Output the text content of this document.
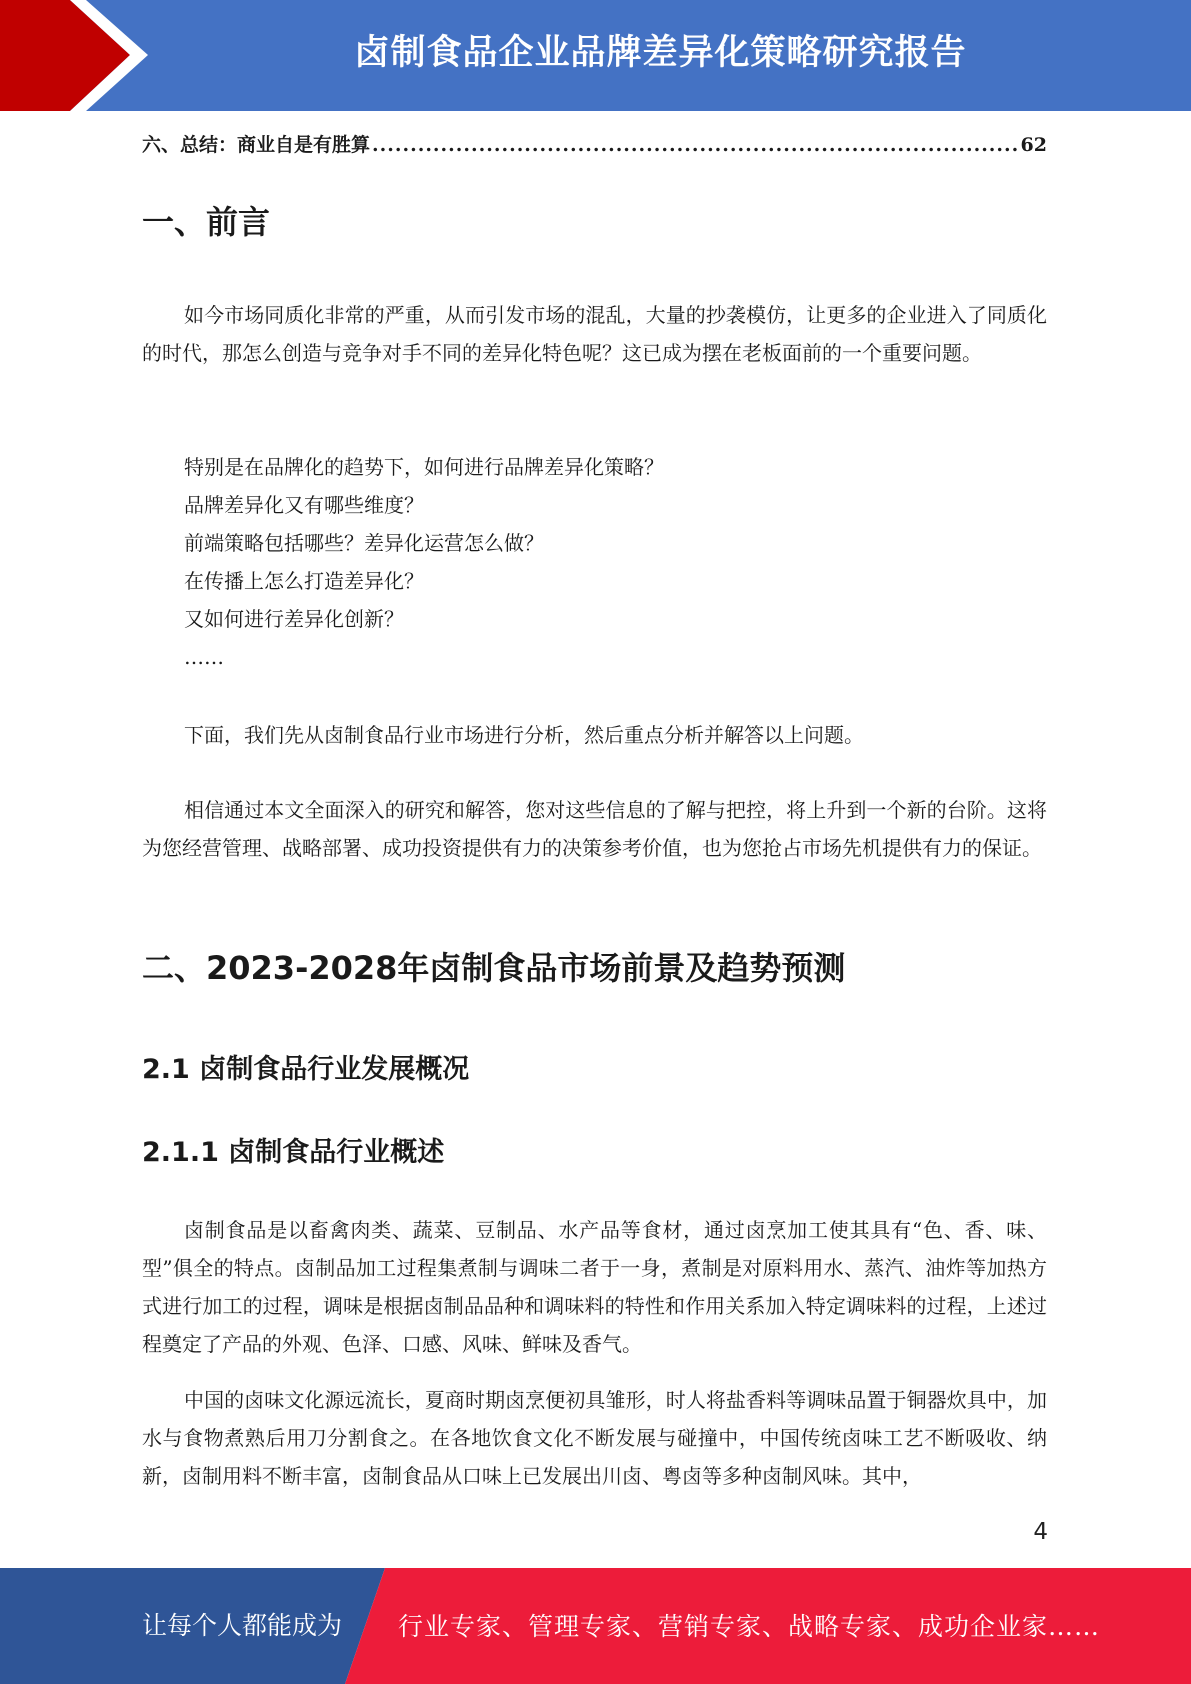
卤制食品企业品牌差异化策略研究报告
六、总结：商业自是有胜算
.....	62
一、前言

如今市场同质化非常的严重，从而引发市场的混乱，大量的抄袭模仿，让更多的企业进入了同质化的时代，那怎么创造与竞争对手不同的差异化特色呢？这已成为摆在老板面前的一个重要问题。

特别是在品牌化的趋势下，如何进行品牌差异化策略？
品牌差异化又有哪些维度？
前端策略包括哪些？差异化运营怎么做？
在传播上怎么打造差异化？
又如何进行差异化创新？
……

下面，我们先从卤制食品行业市场进行分析，然后重点分析并解答以上问题。

相信通过本文全面深入的研究和解答，您对这些信息的了解与把控，将上升到一个新的台阶。这将为您经营管理、战略部署、成功投资提供有力的决策参考价值，也为您抢占市场先机提供有力的保证。

二、2023-2028年卤制食品市场前景及趋势预测
2.1 卤制食品行业发展概况
2.1.1 卤制食品行业概述

卤制食品是以畜禽肉类、蔬菜、豆制品、水产品等食材，通过卤烹加工使其具有“色、香、味、型”俱全的特点。卤制品加工过程集煮制与调味二者于一身，煮制是对原料用水、蒸汽、油炸等加热方式进行加工的过程，调味是根据卤制品品种和调味料的特性和作用关系加入特定调味料的过程，上述过程奠定了产品的外观、色泽、口感、风味、鲜味及香气。

中国的卤味文化源远流长，夏商时期卤烹便初具雏形，时人将盐香料等调味品置于铜器炊具中，加水与食物煮熟后用刀分割食之。在各地饮食文化不断发展与碰撞中，中国传统卤味工艺不断吸收、纳新，卤制用料不断丰富，卤制食品从口味上已发展出川卤、粤卤等多种卤制风味。其中，

4
让每个人都能成为 行业专家、管理专家、营销专家、战略专家、成功企业家……
